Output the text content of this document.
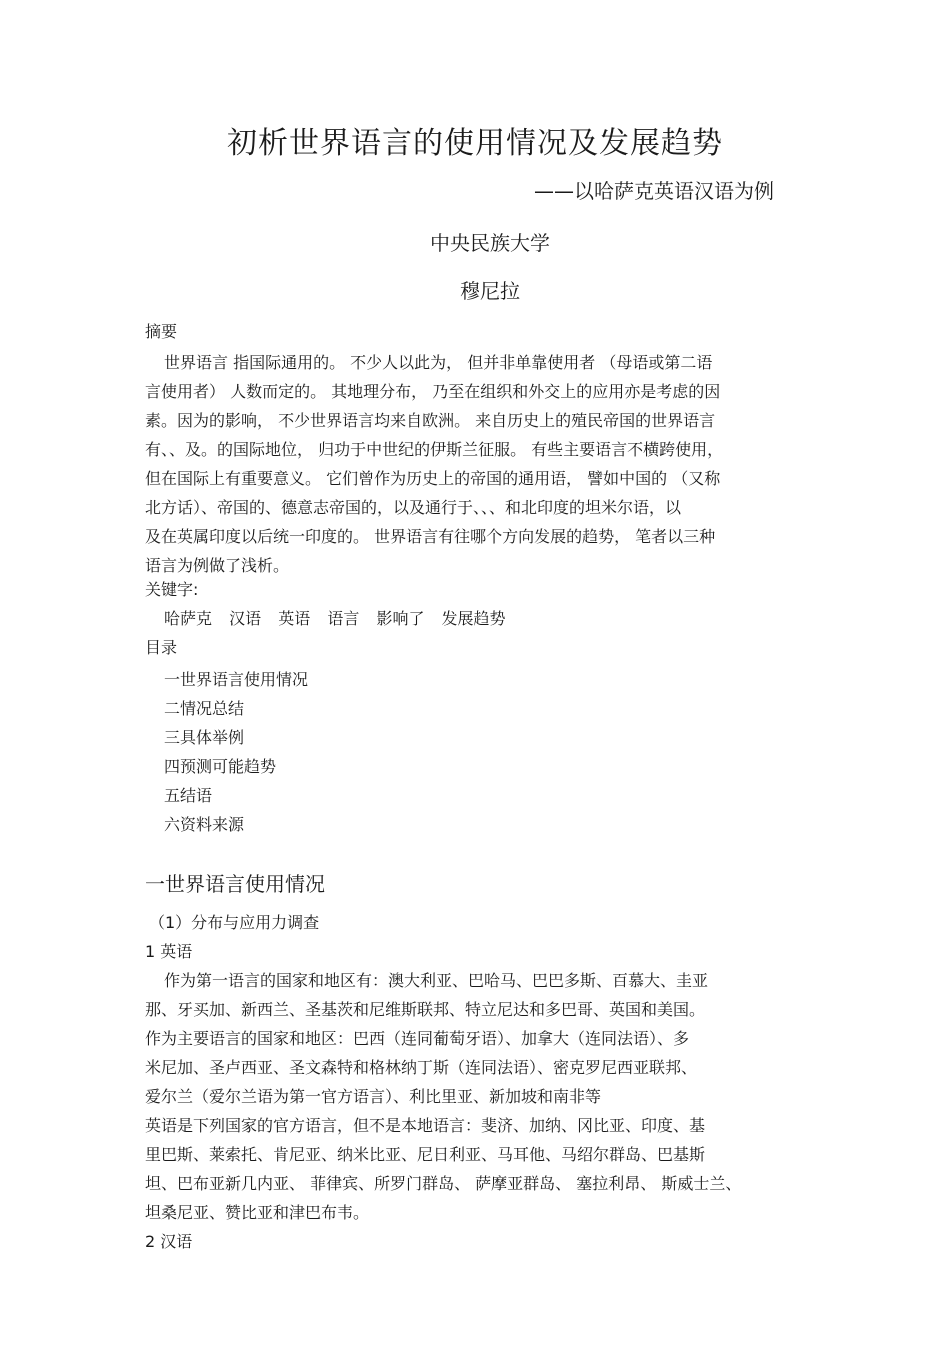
初析世界语言的使用情况及发展趋势
——以哈萨克英语汉语为例
中央民族大学
穆尼拉
摘要
世界语言 指国际通用的。 不少人以此为， 但并非单靠使用者 （母语或第二语
言使用者） 人数而定的。 其地理分布， 乃至在组织和外交上的应用亦是考虑的因
素。因为的影响， 不少世界语言均来自欧洲。 来自历史上的殖民帝国的世界语言
有、、及。的国际地位， 归功于中世纪的伊斯兰征服。 有些主要语言不横跨使用，
但在国际上有重要意义。 它们曾作为历史上的帝国的通用语， 譬如中国的 （又称
北方话）、帝国的、德意志帝国的，以及通行于、、、和北印度的坦米尔语，以
及在英属印度以后统一印度的。 世界语言有往哪个方向发展的趋势， 笔者以三种
语言为例做了浅析。
关键字:
哈萨克 汉语 英语 语言 影响了 发展趋势
目录
一世界语言使用情况
二情况总结
三具体举例
四预测可能趋势
五结语
六资料来源
一世界语言使用情况
（1）分布与应用力调查
1 英语
作为第一语言的国家和地区有：澳大利亚、巴哈马、巴巴多斯、百慕大、圭亚
那、牙买加、新西兰、圣基茨和尼维斯联邦、特立尼达和多巴哥、英国和美国。
作为主要语言的国家和地区：巴西（连同葡萄牙语）、加拿大（连同法语）、多
米尼加、圣卢西亚、圣文森特和格林纳丁斯（连同法语）、密克罗尼西亚联邦、
爱尔兰（爱尔兰语为第一官方语言）、利比里亚、新加坡和南非等
英语是下列国家的官方语言，但不是本地语言：斐济、加纳、冈比亚、印度、基
里巴斯、莱索托、肯尼亚、纳米比亚、尼日利亚、马耳他、马绍尔群岛、巴基斯
坦、巴布亚新几内亚、 菲律宾、所罗门群岛、 萨摩亚群岛、 塞拉利昂、 斯威士兰、
坦桑尼亚、赞比亚和津巴布韦。
2 汉语
